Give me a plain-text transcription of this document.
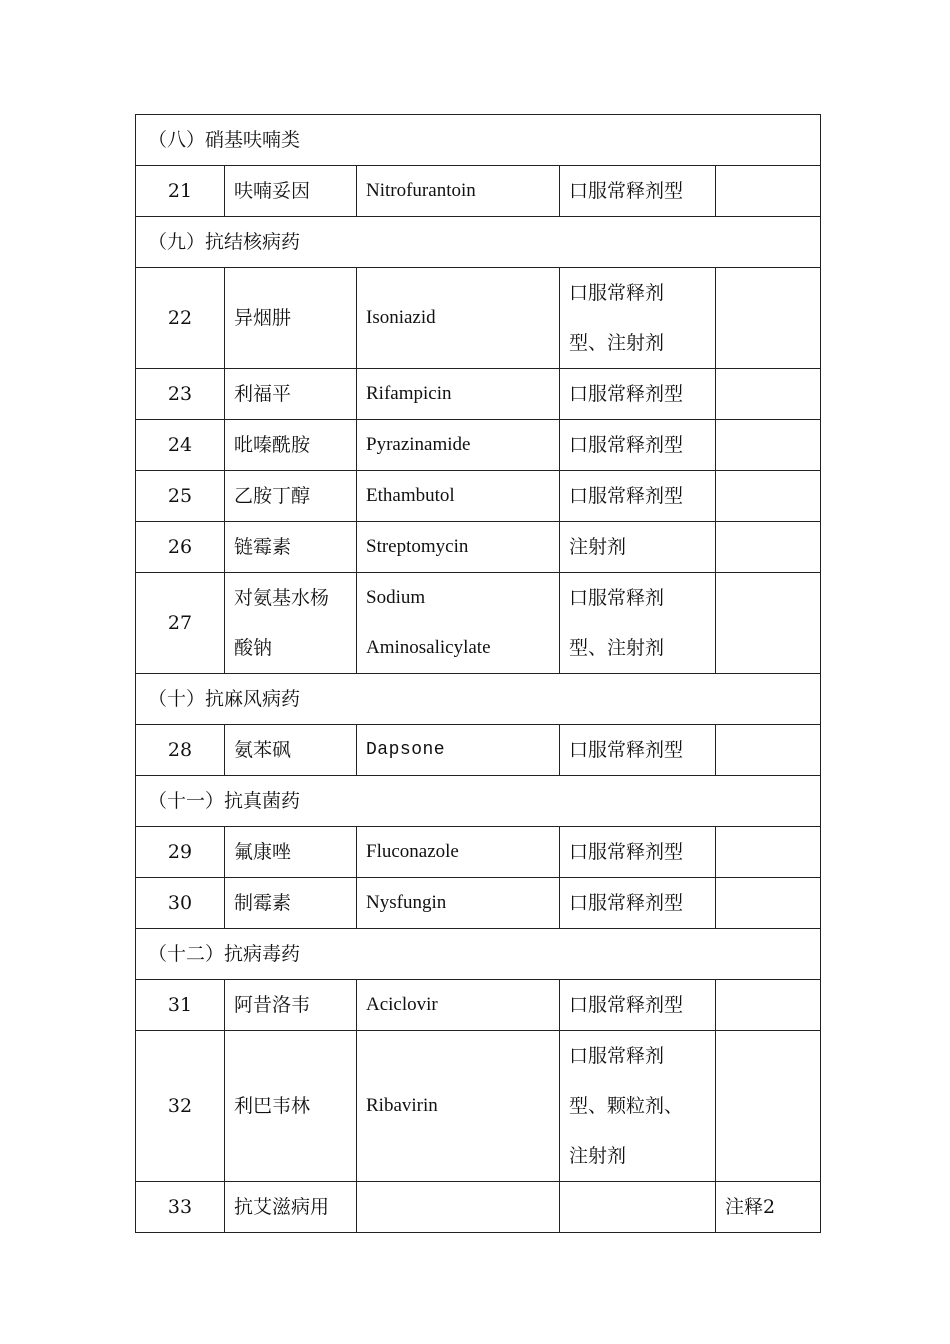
（八）硝基呋喃类				
21	呋喃妥因	Nitrofurantoin	口服常释剂型	
（九）抗结核病药				
22	异烟肼	Isoniazid	口服常释剂
型、注射剂	
23	利福平	Rifampicin	口服常释剂型	
24	吡嗪酰胺	Pyrazinamide	口服常释剂型	
25	乙胺丁醇	Ethambutol	口服常释剂型	
26	链霉素	Streptomycin	注射剂	
27	对氨基水杨
酸钠	Sodium
Aminosalicylate	口服常释剂
型、注射剂	
（十）抗麻风病药				
28	氨苯砜	Dapsone	口服常释剂型	
（十一）抗真菌药				
29	氟康唑	Fluconazole	口服常释剂型	
30	制霉素	Nysfungin	口服常释剂型	
（十二）抗病毒药				
31	阿昔洛韦	Aciclovir	口服常释剂型	
32	利巴韦林	Ribavirin	口服常释剂
型、颗粒剂、
注射剂	
33	抗艾滋病用			注释2
